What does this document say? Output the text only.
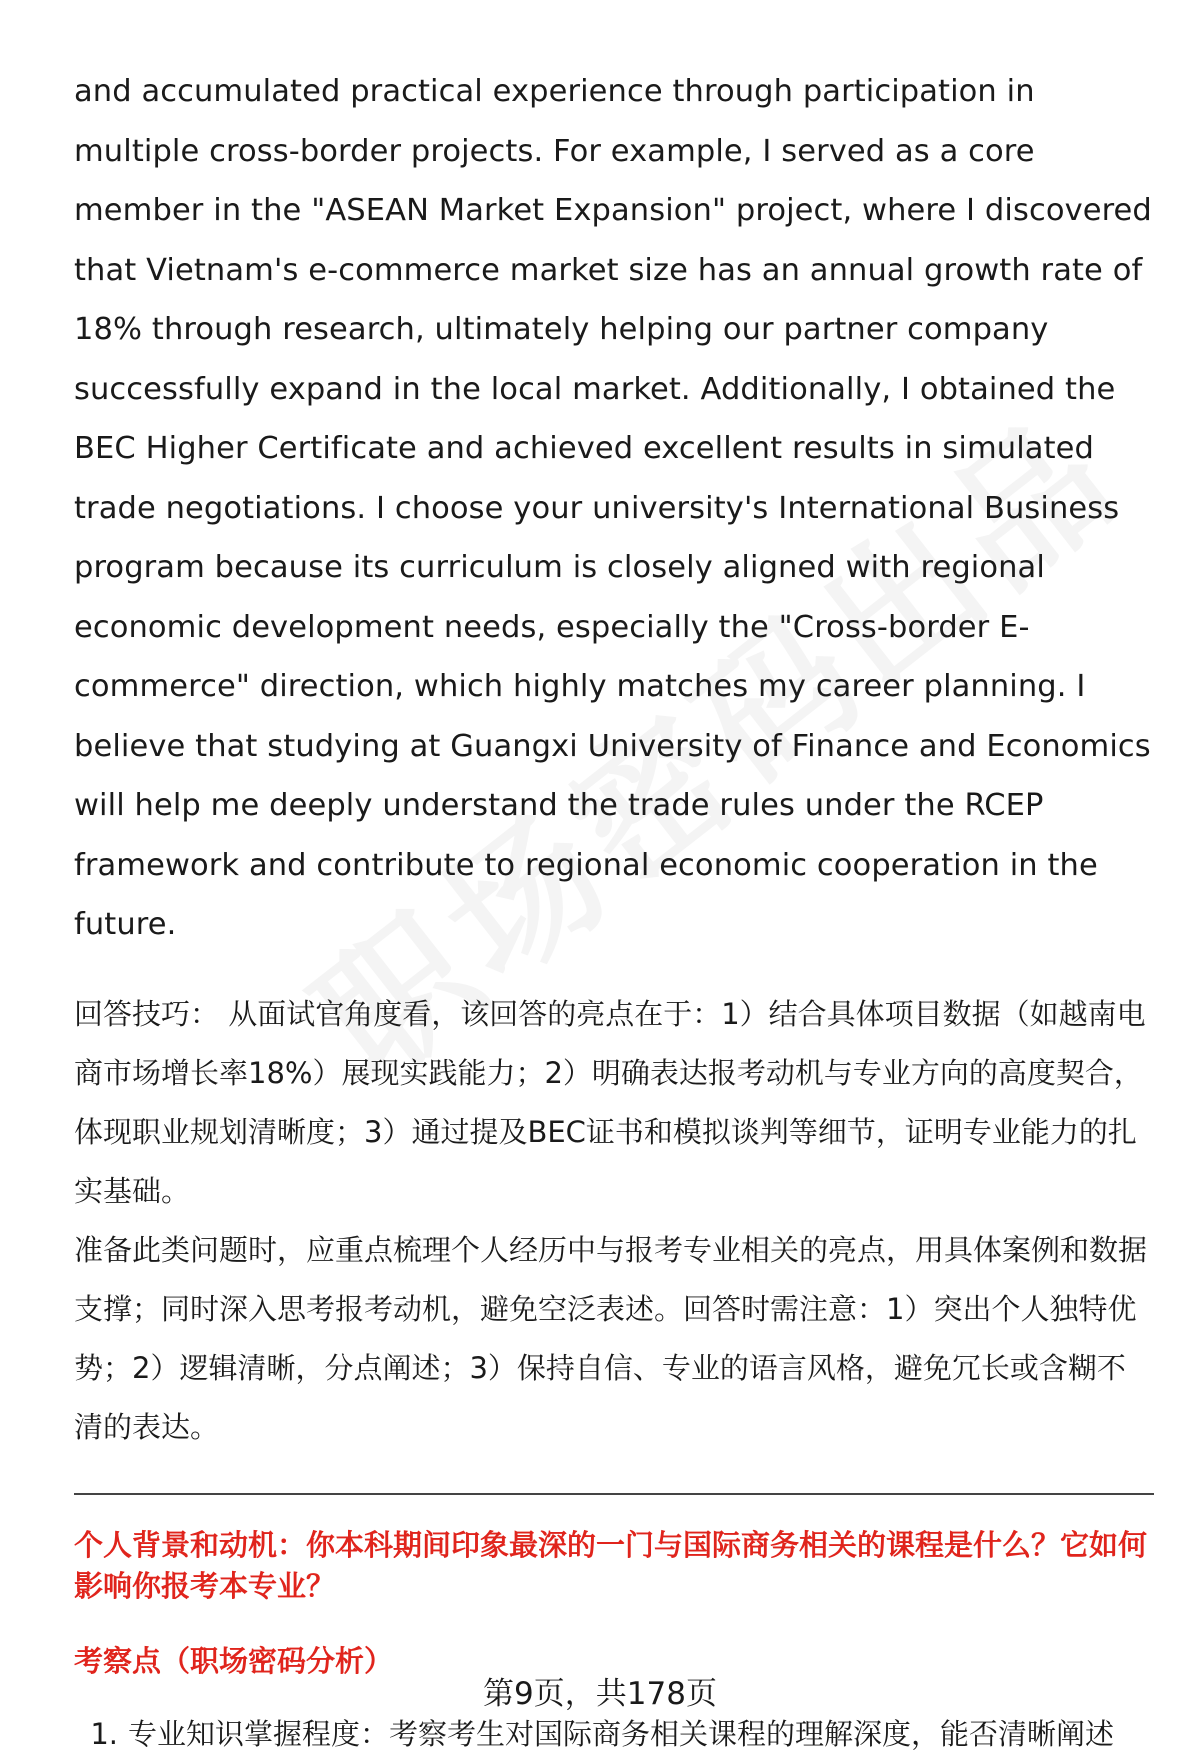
and accumulated practical experience through participation in multiple cross-border projects. For example, I served as a core member in the "ASEAN Market Expansion" project, where I discovered that Vietnam's e-commerce market size has an annual growth rate of 18% through research, ultimately helping our partner company successfully expand in the local market. Additionally, I obtained the BEC Higher Certificate and achieved excellent results in simulated trade negotiations. I choose your university's International Business program because its curriculum is closely aligned with regional economic development needs, especially the "Cross-border E-commerce" direction, which highly matches my career planning. I believe that studying at Guangxi University of Finance and Economics will help me deeply understand the trade rules under the RCEP framework and contribute to regional economic cooperation in the future.

回答技巧： 从面试官角度看，该回答的亮点在于：1）结合具体项目数据（如越南电商市场增长率18%）展现实践能力；2）明确表达报考动机与专业方向的高度契合，体现职业规划清晰度；3）通过提及BEC证书和模拟谈判等细节，证明专业能力的扎实基础。

准备此类问题时，应重点梳理个人经历中与报考专业相关的亮点，用具体案例和数据支撑；同时深入思考报考动机，避免空泛表述。回答时需注意：1）突出个人独特优势；2）逻辑清晰，分点阐述；3）保持自信、专业的语言风格，避免冗长或含糊不清的表达。

个人背景和动机：你本科期间印象最深的一门与国际商务相关的课程是什么？它如何影响你报考本专业？
考察点（职场密码分析）
1. 专业知识掌握程度：考察考生对国际商务相关课程的理解深度，能否清晰阐述
第9页，共178页
